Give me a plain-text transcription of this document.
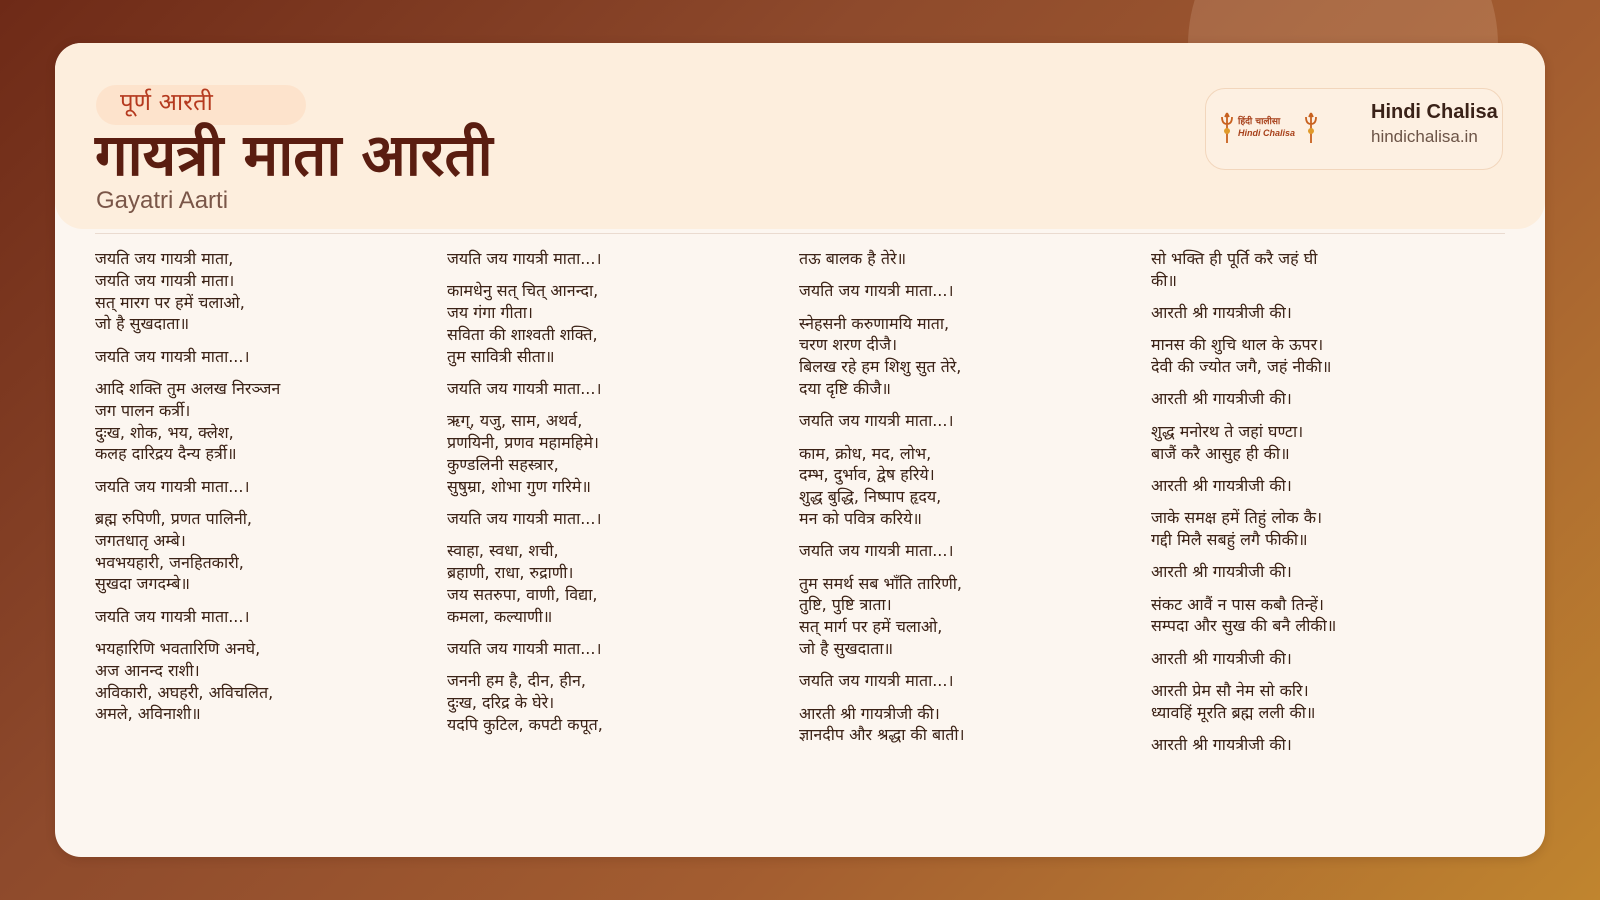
पूर्ण आरती
गायत्री माता आरती
Gayatri Aarti
हिंदी चालीसा
Hindi Chalisa
Hindi Chalisa
hindichalisa.in
जयति जय गायत्री माता,
जयति जय गायत्री माता।
सत् मारग पर हमें चलाओ,
जो है सुखदाता॥
जयति जय गायत्री माता...।
आदि शक्ति तुम अलख निरञ्जन
जग पालन कर्त्री।
दुःख, शोक, भय, क्लेश,
कलह दारिद्रय दैन्य हर्त्री॥
जयति जय गायत्री माता...।
ब्रह्म रुपिणी, प्रणत पालिनी,
जगतधातृ अम्बे।
भवभयहारी, जनहितकारी,
सुखदा जगदम्बे॥
जयति जय गायत्री माता...।
भयहारिणि भवतारिणि अनघे,
अज आनन्द राशी।
अविकारी, अघहरी, अविचलित,
अमले, अविनाशी॥
जयति जय गायत्री माता...।
कामधेनु सत् चित् आनन्दा,
जय गंगा गीता।
सविता की शाश्वती शक्ति,
तुम सावित्री सीता॥
जयति जय गायत्री माता...।
ऋग्, यजु, साम, अथर्व,
प्रणयिनी, प्रणव महामहिमे।
कुण्डलिनी सहस्त्रार,
सुषुम्रा, शोभा गुण गरिमे॥
जयति जय गायत्री माता...।
स्वाहा, स्वधा, शची,
ब्रहाणी, राधा, रुद्राणी।
जय सतरुपा, वाणी, विद्या,
कमला, कल्याणी॥
जयति जय गायत्री माता...।
जननी हम है, दीन, हीन,
दुःख, दरिद्र के घेरे।
यदपि कुटिल, कपटी कपूत,
तऊ बालक है तेरे॥
जयति जय गायत्री माता...।
स्नेहसनी करुणामयि माता,
चरण शरण दीजै।
बिलख रहे हम शिशु सुत तेरे,
दया दृष्टि कीजै॥
जयति जय गायत्री माता...।
काम, क्रोध, मद, लोभ,
दम्भ, दुर्भाव, द्वेष हरिये।
शुद्ध बुद्धि, निष्पाप हृदय,
मन को पवित्र करिये॥
जयति जय गायत्री माता...।
तुम समर्थ सब भाँति तारिणी,
तुष्टि, पुष्टि त्राता।
सत् मार्ग पर हमें चलाओ,
जो है सुखदाता॥
जयति जय गायत्री माता...।
आरती श्री गायत्रीजी की।
ज्ञानदीप और श्रद्धा की बाती।
सो भक्ति ही पूर्ति करै जहं घी
की॥
आरती श्री गायत्रीजी की।
मानस की शुचि थाल के ऊपर।
देवी की ज्योत जगै, जहं नीकी॥
आरती श्री गायत्रीजी की।
शुद्ध मनोरथ ते जहां घण्टा।
बाजैं करै आसुह ही की॥
आरती श्री गायत्रीजी की।
जाके समक्ष हमें तिहुं लोक कै।
गद्दी मिलै सबहुं लगै फीकी॥
आरती श्री गायत्रीजी की।
संकट आवैं न पास कबौ तिन्हें।
सम्पदा और सुख की बनै लीकी॥
आरती श्री गायत्रीजी की।
आरती प्रेम सौ नेम सो करि।
ध्यावहिं मूरति ब्रह्म लली की॥
आरती श्री गायत्रीजी की।
